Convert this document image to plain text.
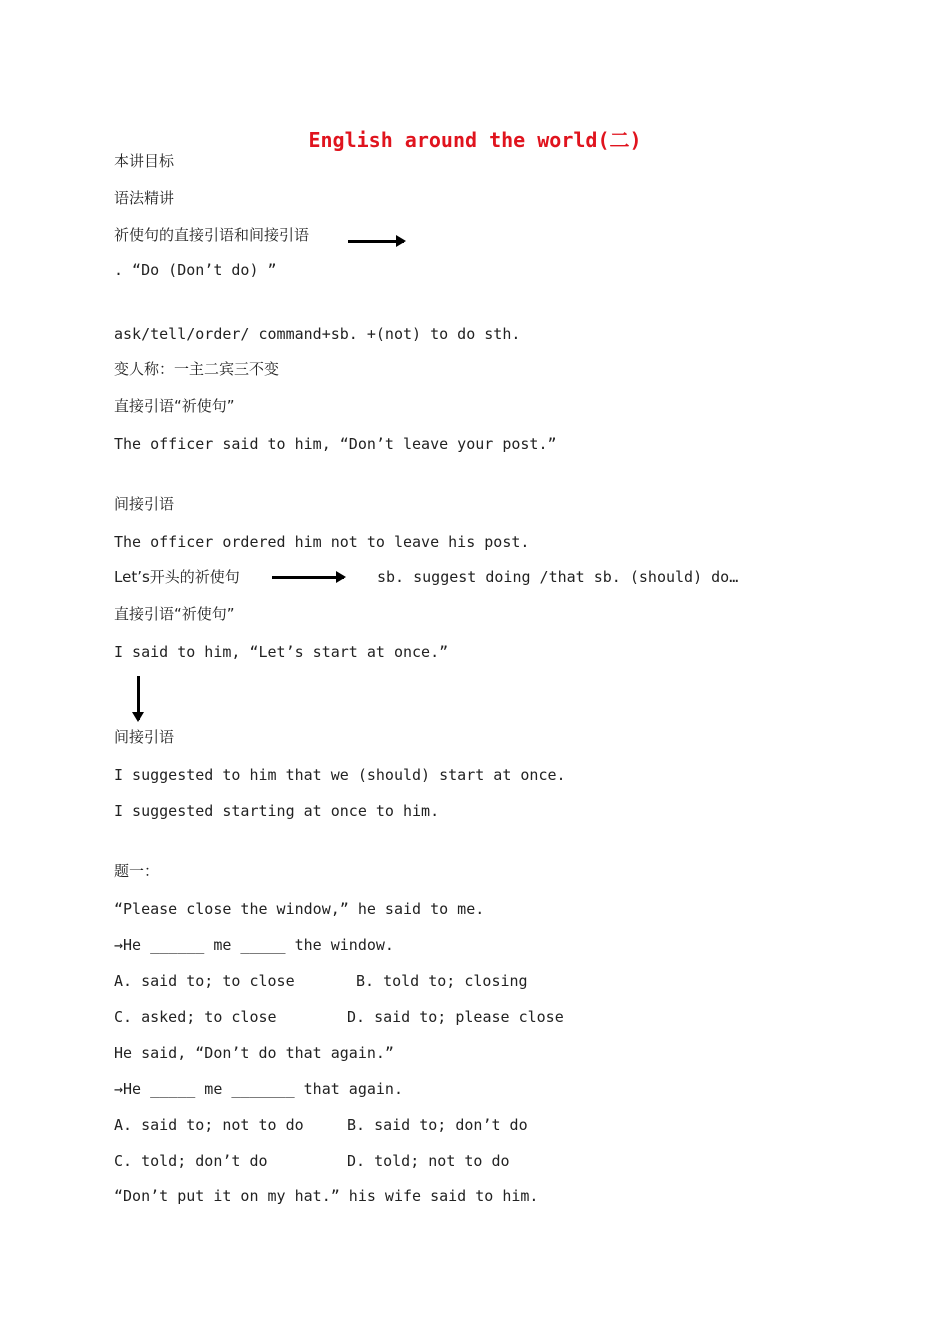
English around the world(二)
本讲目标
语法精讲
祈使句的直接引语和间接引语
. “Do (Don’t do) ”
ask/tell/order/ command+sb. +(not) to do sth.
变人称：一主二宾三不变
直接引语“祈使句”
The officer said to him, “Don’t leave your post.”
间接引语
The officer ordered him not to leave his post.
Let’s开头的祈使句	sb. suggest doing /that sb. (should) do…
直接引语“祈使句”
I said to him, “Let’s start at once.”
间接引语
I suggested to him that we (should) start at once.
I suggested starting at once to him.
题一：
“Please close the window,” he said to me.
→He ______ me _____ the window.
A. said to; to close	B. told to; closing
C. asked; to close	D. said to; please close
He said, “Don’t do that again.”
→He _____ me _______ that again.
A. said to; not to do	B. said to; don’t do
C. told; don’t do	D. told; not to do
“Don’t put it on my hat.” his wife said to him.
